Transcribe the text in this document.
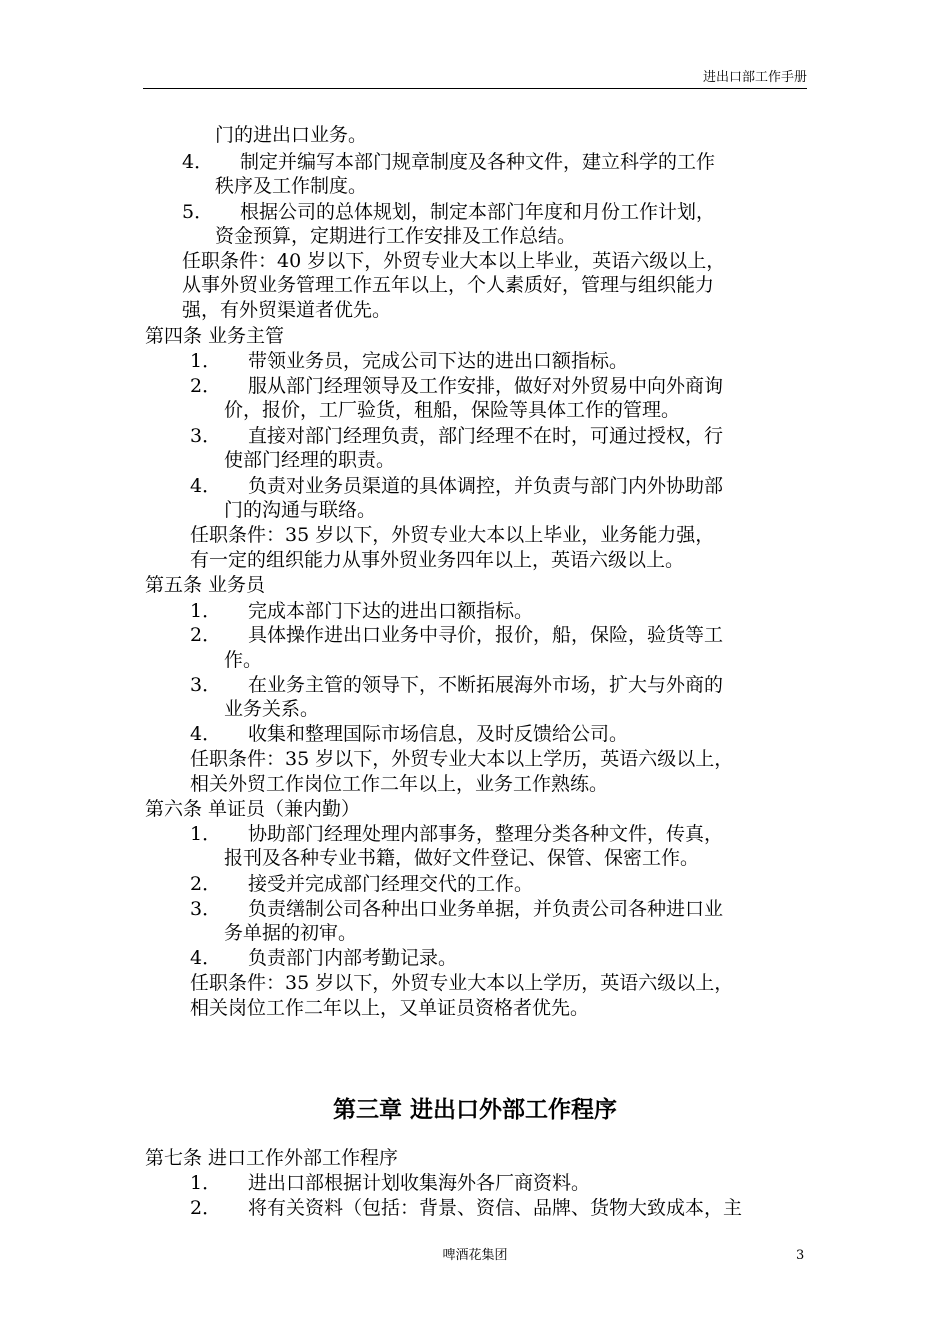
进出口部工作手册
门的进出口业务。
4． 制定并编写本部门规章制度及各种文件，建立科学的工作
秩序及工作制度。
5． 根据公司的总体规划，制定本部门年度和月份工作计划，
资金预算，定期进行工作安排及工作总结。
任职条件：40 岁以下，外贸专业大本以上毕业，英语六级以上，
从事外贸业务管理工作五年以上，个人素质好，管理与组织能力
强，有外贸渠道者优先。
第四条 业务主管
1． 带领业务员，完成公司下达的进出口额指标。
2． 服从部门经理领导及工作安排，做好对外贸易中向外商询
价，报价，工厂验货，租船，保险等具体工作的管理。
3． 直接对部门经理负责，部门经理不在时，可通过授权，行
使部门经理的职责。
4． 负责对业务员渠道的具体调控，并负责与部门内外协助部
门的沟通与联络。
任职条件：35 岁以下，外贸专业大本以上毕业，业务能力强，
有一定的组织能力从事外贸业务四年以上，英语六级以上。
第五条 业务员
1． 完成本部门下达的进出口额指标。
2． 具体操作进出口业务中寻价，报价，船，保险，验货等工
作。
3． 在业务主管的领导下，不断拓展海外市场，扩大与外商的
业务关系。
4． 收集和整理国际市场信息，及时反馈给公司。
任职条件：35 岁以下，外贸专业大本以上学历，英语六级以上，
相关外贸工作岗位工作二年以上，业务工作熟练。
第六条 单证员（兼内勤）
1． 协助部门经理处理内部事务，整理分类各种文件，传真，
报刊及各种专业书籍，做好文件登记、保管、保密工作。
2． 接受并完成部门经理交代的工作。
3． 负责缮制公司各种出口业务单据，并负责公司各种进口业
务单据的初审。
4． 负责部门内部考勤记录。
任职条件：35 岁以下，外贸专业大本以上学历，英语六级以上，
相关岗位工作二年以上，又单证员资格者优先。
第三章 进出口外部工作程序
第七条 进口工作外部工作程序
1． 进出口部根据计划收集海外各厂商资料。
2． 将有关资料（包括：背景、资信、品牌、货物大致成本，主
啤酒花集团	3
